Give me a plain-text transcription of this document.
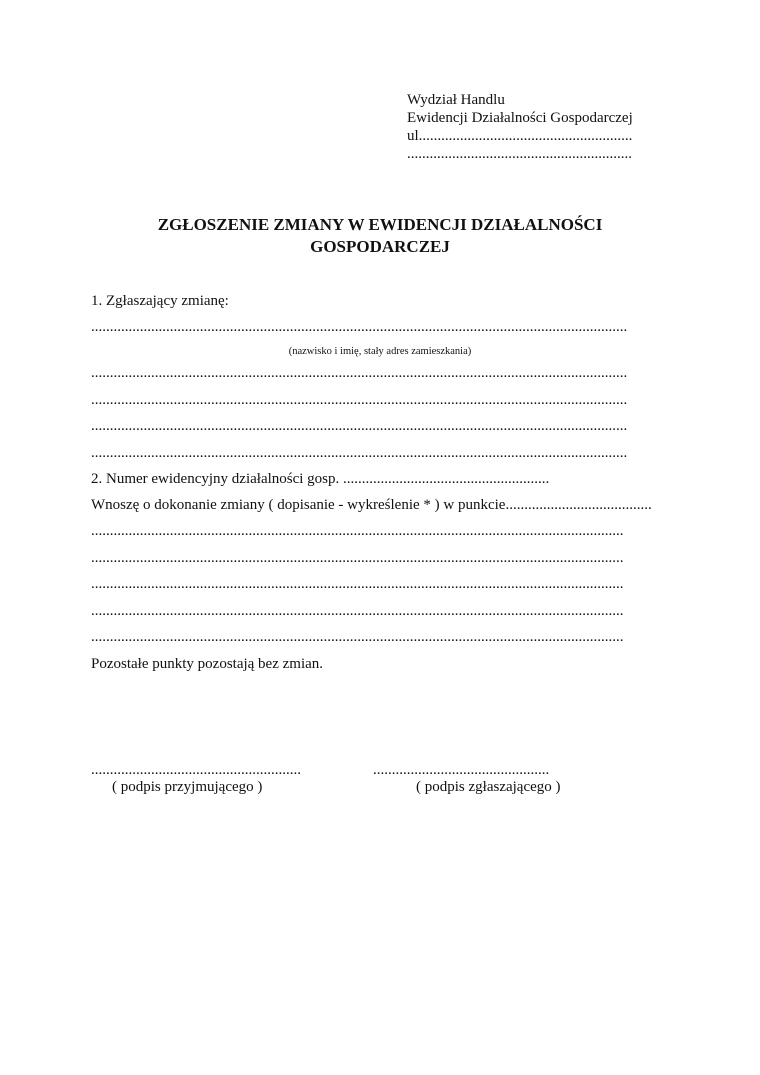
Wydział Handlu
Ewidencji Działalności Gospodarczej
ul.........................................................
............................................................
ZGŁOSZENIE ZMIANY W EWIDENCJI DZIAŁALNOŚCI
GOSPODARCZEJ
1. Zgłaszający zmianę:
...............................................................................................................................................
(nazwisko i imię, stały adres zamieszkania)
...............................................................................................................................................
...............................................................................................................................................
...............................................................................................................................................
...............................................................................................................................................
2. Numer ewidencyjny działalności gosp. .......................................................
Wnoszę o dokonanie zmiany ( dopisanie - wykreślenie * ) w punkcie.......................................
..............................................................................................................................................
..............................................................................................................................................
..............................................................................................................................................
..............................................................................................................................................
..............................................................................................................................................
Pozostałe punkty pozostają bez zmian.
........................................................
( podpis przyjmującego )
...............................................
( podpis zgłaszającego )
